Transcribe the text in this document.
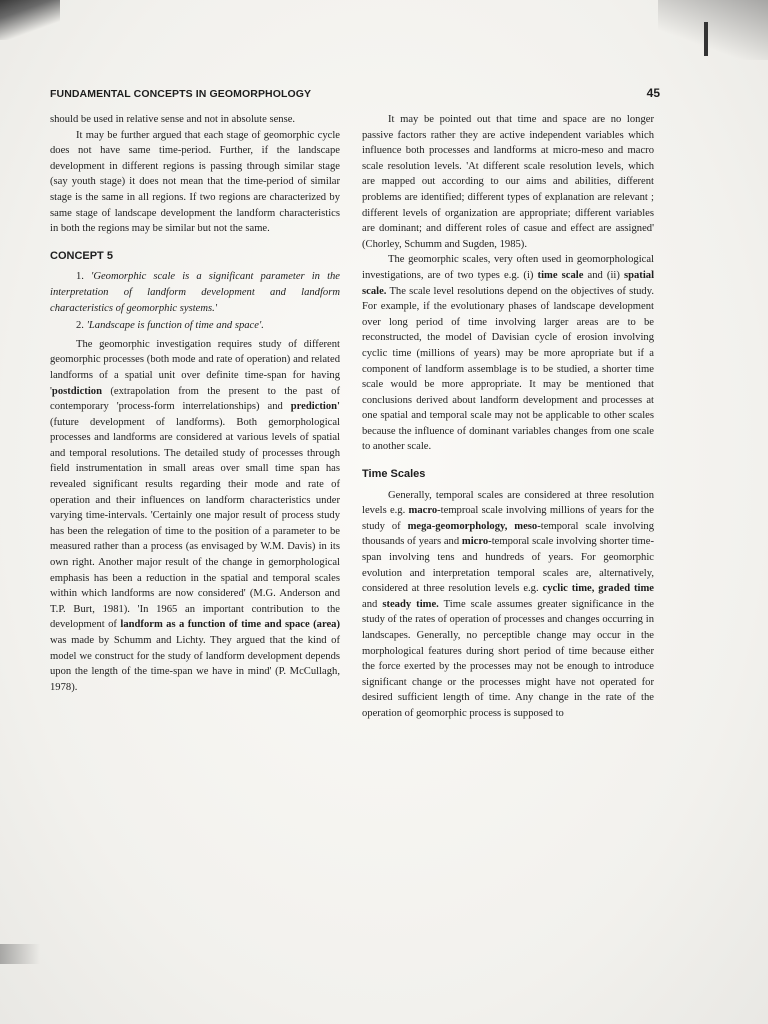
FUNDAMENTAL CONCEPTS IN GEOMORPHOLOGY	45

should be used in relative sense and not in absolute sense.

It may be further argued that each stage of geomorphic cycle does not have same time-period. Further, if the landscape development in different regions is passing through similar stage (say youth stage) it does not mean that the time-period of similar stage is the same in all regions. If two regions are characterized by same stage of landscape development the landform characteristics in both the regions may be similar but not the same.

CONCEPT 5

1. 'Geomorphic scale is a significant parameter in the interpretation of landform development and landform characteristics of geomorphic systems.'

2. 'Landscape is function of time and space'.

The geomorphic investigation requires study of different geomorphic processes (both mode and rate of operation) and related landforms of a spatial unit over definite time-span for having 'postdiction (extrapolation from the present to the past of contemporary 'process-form interrelationships) and prediction' (future development of landforms). Both gemorphological processes and landforms are considered at various levels of spatial and temporal resolutions. The detailed study of processes through field instrumentation in small areas over small time span has revealed significant results regarding their mode and rate of operation and their influences on landform characteristics under varying time-intervals. 'Certainly one major result of process study has been the relegation of time to the position of a parameter to be measured rather than a process (as envisaged by W.M. Davis) in its own right. Another major result of the change in gemorphological emphasis has been a reduction in the spatial and temporal scales within which landforms are now considered' (M.G. Anderson and T.P. Burt, 1981). 'In 1965 an important contribution to the development of landform as a function of time and space (area) was made by Schumm and Lichty. They argued that the kind of model we construct for the study of landform development depends upon the length of the time-span we have in mind' (P. McCullagh, 1978).

It may be pointed out that time and space are no longer passive factors rather they are active independent variables which influence both processes and landforms at micro-meso and macro scale resolution levels. 'At different scale resolution levels, which are mapped out according to our aims and abilities, different problems are identified; different types of explanation are relevant ; different levels of organization are appropriate; different variables are dominant; and different roles of casue and effect are assigned' (Chorley, Schumm and Sugden, 1985).

The geomorphic scales, very often used in geomorphological investigations, are of two types e.g. (i) time scale and (ii) spatial scale. The scale level resolutions depend on the objectives of study. For example, if the evolutionary phases of landscape development over long period of time involving larger areas are to be reconstructed, the model of Davisian cycle of erosion involving cyclic time (millions of years) may be more apropriate but if a component of landform assemblage is to be studied, a shorter time scale would be more appropriate. It may be mentioned that conclusions derived about landform development and processes at one spatial and temporal scale may not be applicable to other scales because the influence of dominant variables changes from one scale to another scale.

Time Scales

Generally, temporal scales are considered at three resolution levels e.g. macro-temproal scale involving millions of years for the study of mega-geomorphology, meso-temporal scale involving thousands of years and micro-temporal scale involving shorter time-span involving tens and hundreds of years. For geomorphic evolution and interpretation temporal scales are, alternatively, considered at three resolution levels e.g. cyclic time, graded time and steady time. Time scale assumes greater significance in the study of the rates of operation of processes and changes occurring in landscapes. Generally, no perceptible change may occur in the morphological features during short period of time because either the force exerted by the processes may not be enough to introduce significant change or the processes might have not operated for desired sufficient length of time. Any change in the rate of the operation of geomorphic process is supposed to
